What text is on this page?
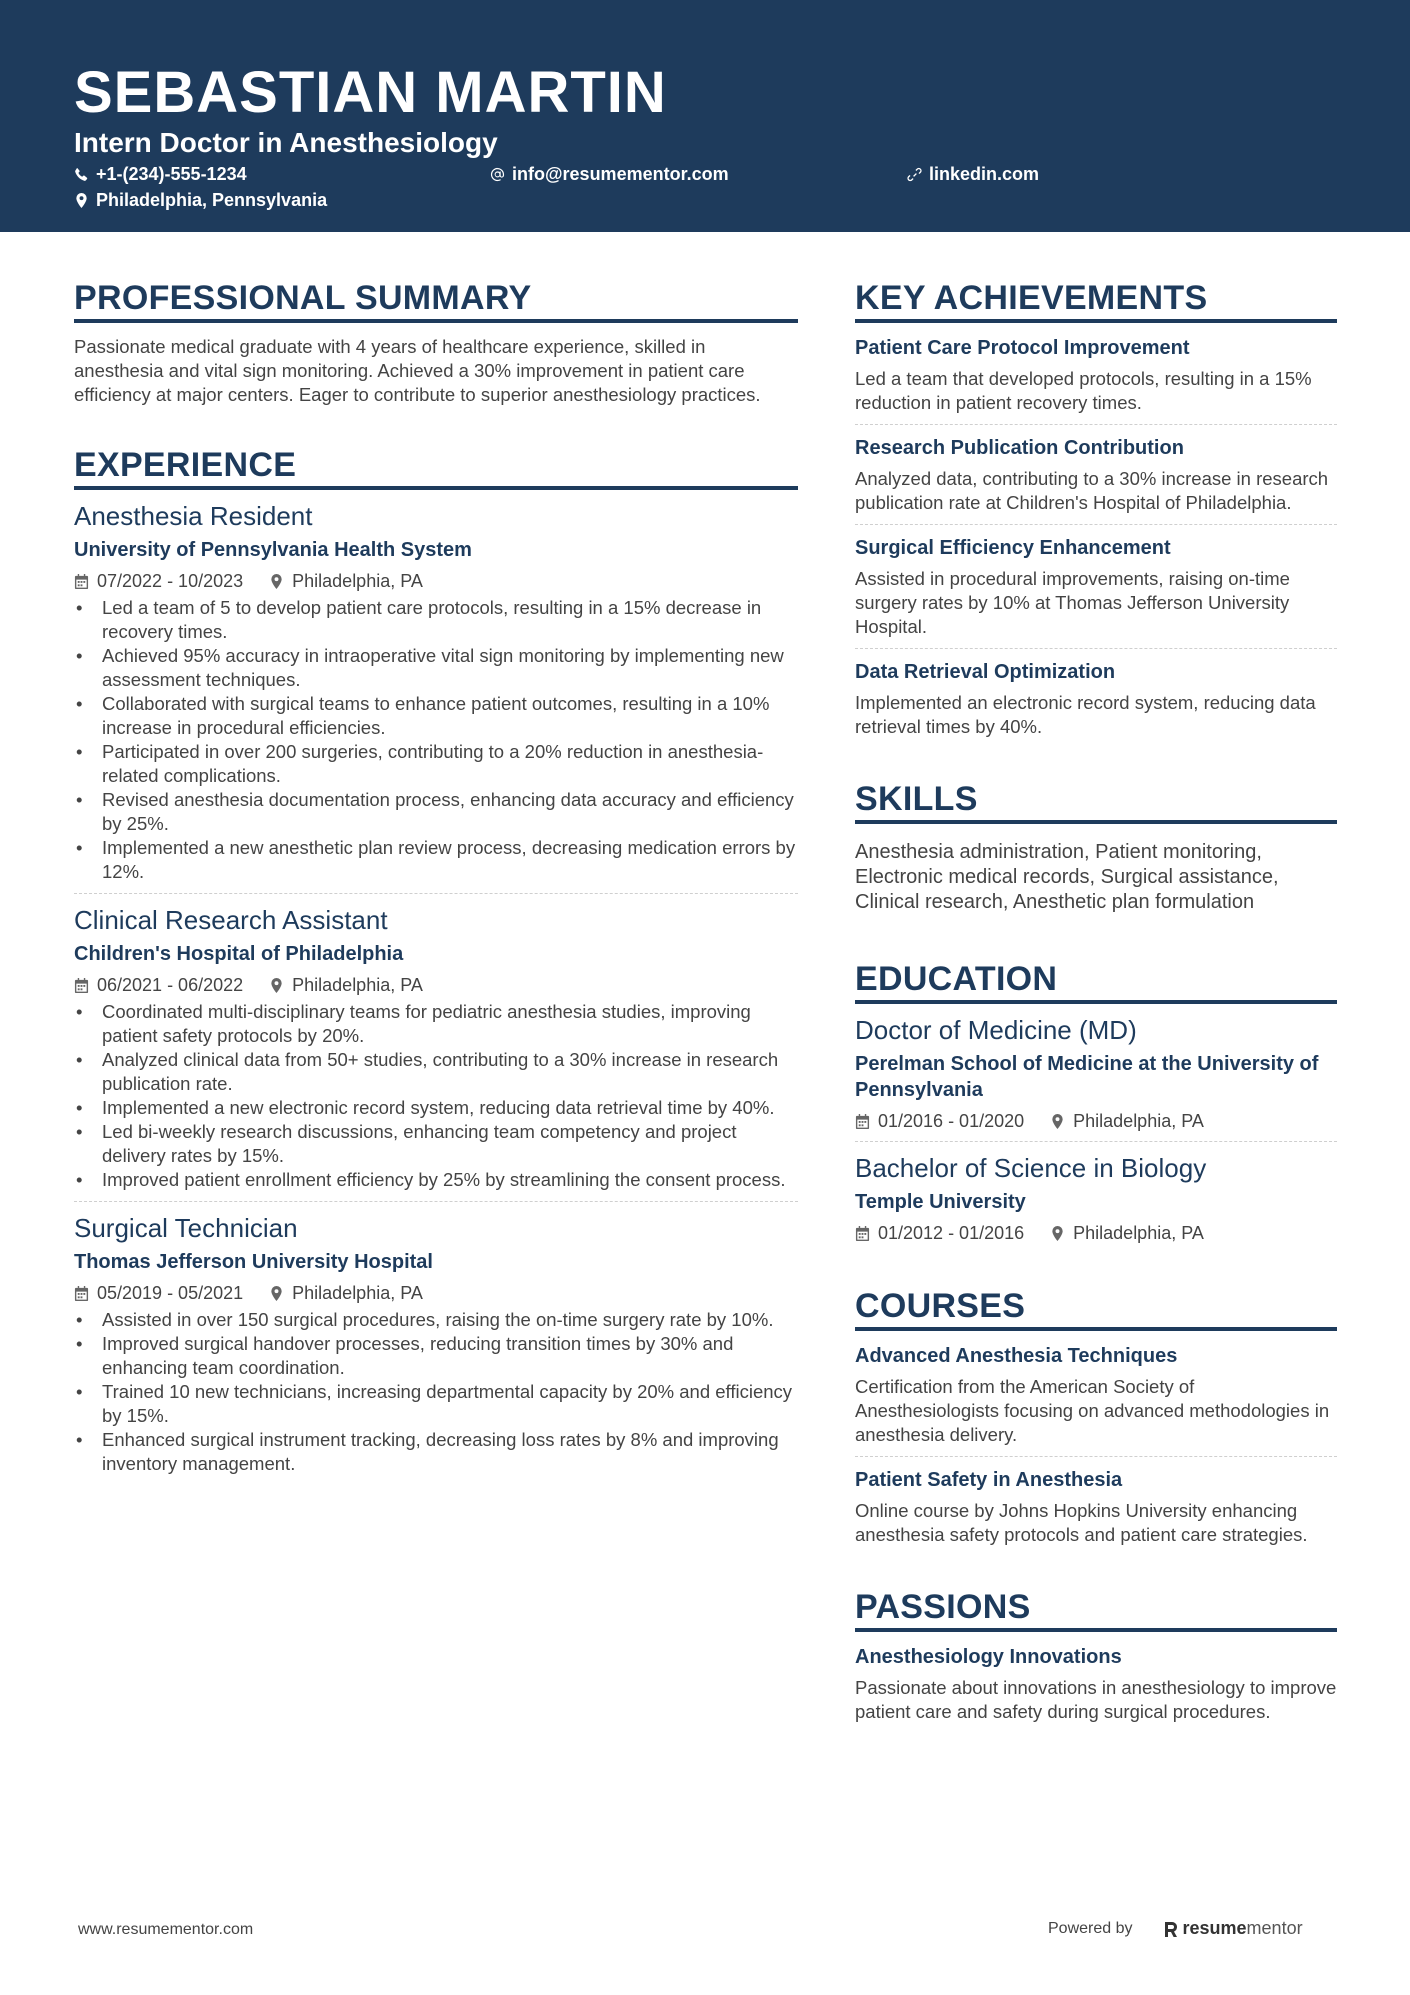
SEBASTIAN MARTIN
Intern Doctor in Anesthesiology
+1-(234)-555-1234	info@resumementor.com	linkedin.com
Philadelphia, Pennsylvania
PROFESSIONAL SUMMARY
Passionate medical graduate with 4 years of healthcare experience, skilled in anesthesia and vital sign monitoring. Achieved a 30% improvement in patient care efficiency at major centers. Eager to contribute to superior anesthesiology practices.
EXPERIENCE
Anesthesia Resident
University of Pennsylvania Health System
07/2022 - 10/2023	Philadelphia, PA
• Led a team of 5 to develop patient care protocols, resulting in a 15% decrease in recovery times.
• Achieved 95% accuracy in intraoperative vital sign monitoring by implementing new assessment techniques.
• Collaborated with surgical teams to enhance patient outcomes, resulting in a 10% increase in procedural efficiencies.
• Participated in over 200 surgeries, contributing to a 20% reduction in anesthesia-related complications.
• Revised anesthesia documentation process, enhancing data accuracy and efficiency by 25%.
• Implemented a new anesthetic plan review process, decreasing medication errors by 12%.
Clinical Research Assistant
Children's Hospital of Philadelphia
06/2021 - 06/2022	Philadelphia, PA
• Coordinated multi-disciplinary teams for pediatric anesthesia studies, improving patient safety protocols by 20%.
• Analyzed clinical data from 50+ studies, contributing to a 30% increase in research publication rate.
• Implemented a new electronic record system, reducing data retrieval time by 40%.
• Led bi-weekly research discussions, enhancing team competency and project delivery rates by 15%.
• Improved patient enrollment efficiency by 25% by streamlining the consent process.
Surgical Technician
Thomas Jefferson University Hospital
05/2019 - 05/2021	Philadelphia, PA
• Assisted in over 150 surgical procedures, raising the on-time surgery rate by 10%.
• Improved surgical handover processes, reducing transition times by 30% and enhancing team coordination.
• Trained 10 new technicians, increasing departmental capacity by 20% and efficiency by 15%.
• Enhanced surgical instrument tracking, decreasing loss rates by 8% and improving inventory management.
KEY ACHIEVEMENTS
Patient Care Protocol Improvement
Led a team that developed protocols, resulting in a 15% reduction in patient recovery times.
Research Publication Contribution
Analyzed data, contributing to a 30% increase in research publication rate at Children's Hospital of Philadelphia.
Surgical Efficiency Enhancement
Assisted in procedural improvements, raising on-time surgery rates by 10% at Thomas Jefferson University Hospital.
Data Retrieval Optimization
Implemented an electronic record system, reducing data retrieval times by 40%.
SKILLS
Anesthesia administration, Patient monitoring, Electronic medical records, Surgical assistance, Clinical research, Anesthetic plan formulation
EDUCATION
Doctor of Medicine (MD)
Perelman School of Medicine at the University of Pennsylvania
01/2016 - 01/2020	Philadelphia, PA
Bachelor of Science in Biology
Temple University
01/2012 - 01/2016	Philadelphia, PA
COURSES
Advanced Anesthesia Techniques
Certification from the American Society of Anesthesiologists focusing on advanced methodologies in anesthesia delivery.
Patient Safety in Anesthesia
Online course by Johns Hopkins University enhancing anesthesia safety protocols and patient care strategies.
PASSIONS
Anesthesiology Innovations
Passionate about innovations in anesthesiology to improve patient care and safety during surgical procedures.
www.resumementor.com	Powered by	resume mentor
